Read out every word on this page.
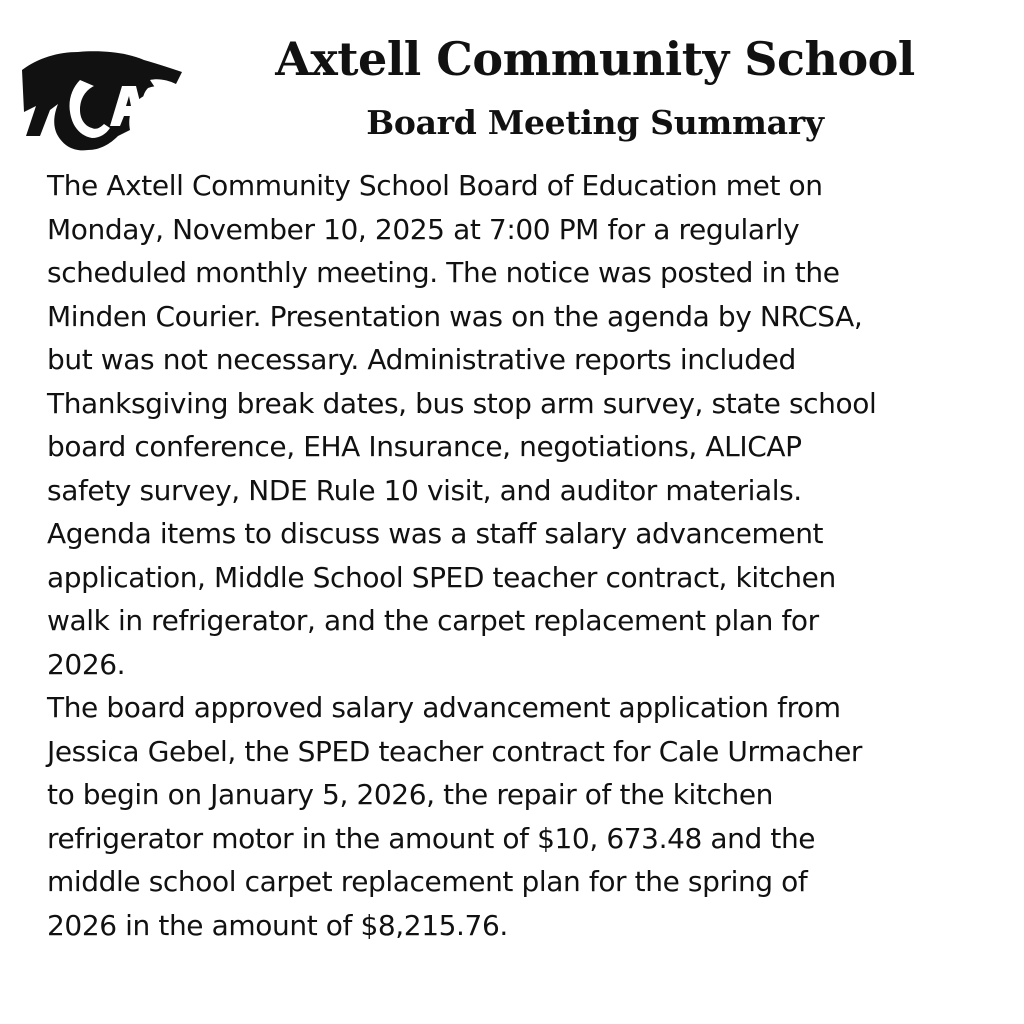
Axtell Community School
Board Meeting Summary
The Axtell Community School Board of Education met on
Monday, November 10, 2025 at 7:00 PM for a regularly
scheduled monthly meeting. The notice was posted in the
Minden Courier. Presentation was on the agenda by NRCSA,
but was not necessary. Administrative reports included
Thanksgiving break dates, bus stop arm survey, state school
board conference, EHA Insurance, negotiations, ALICAP
safety survey, NDE Rule 10 visit, and auditor materials.
Agenda items to discuss was a staff salary advancement
application, Middle School SPED teacher contract, kitchen
walk in refrigerator, and the carpet replacement plan for
2026.
The board approved salary advancement application from
Jessica Gebel, the SPED teacher contract for Cale Urmacher
to begin on January 5, 2026, the repair of the kitchen
refrigerator motor in the amount of $10, 673.48 and the
middle school carpet replacement plan for the spring of
2026 in the amount of $8,215.76.
